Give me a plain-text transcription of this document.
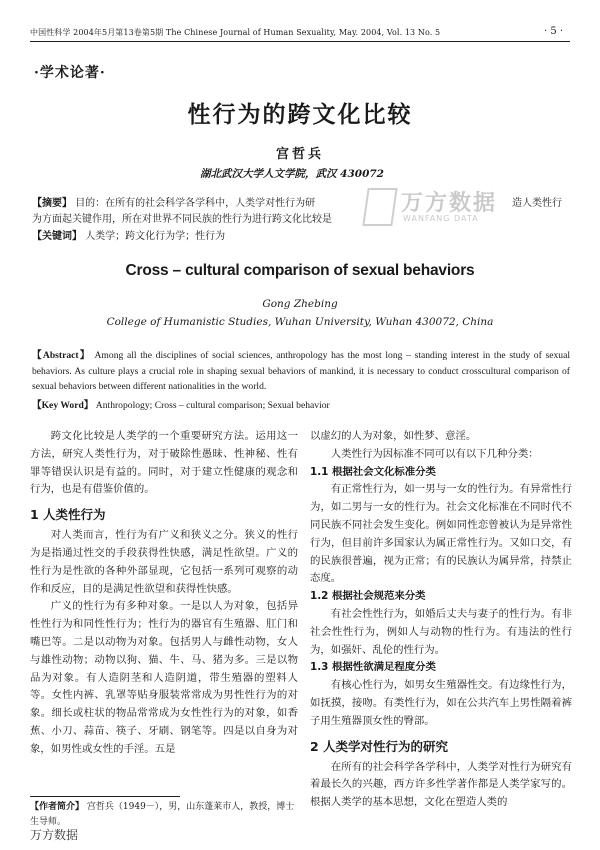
中国性科学 2004年5月第13卷第5期 The Chinese Journal of Human Sexuality, May. 2004, Vol. 13 No. 5	· 5 ·
·学术论著·
性行为的跨文化比较
宫哲兵
湖北武汉大学人文学院，武汉 430072
【摘要】 目的：在所有的社会科学各学科中，人类学对性行为研	造人类性行
为方面起关键作用，所在对世界不同民族的性行为进行跨文化比较是
【关键词】 人类学；跨文化行为学；性行为
万方数据
WANFANG DATA
Cross – cultural comparison of sexual behaviors
Gong Zhebing
College of Humanistic Studies, Wuhan University, Wuhan 430072, China
【Abstract】 Among all the disciplines of social sciences, anthropology has the most long – standing interest in the study of sexual behaviors. As culture plays a crucial role in shaping sexual behaviors of mankind, it is necessary to conduct crosscultural comparison of sexual behaviors between different nationalities in the world.
【Key Word】 Anthropology; Cross – cultural comparison; Sexual behavior

跨文化比较是人类学的一个重要研究方法。运用这一方法，研究人类性行为，对于破除性愚昧、性神秘、性有罪等错误认识是有益的。同时，对于建立性健康的观念和行为，也是有借鉴价值的。

1 人类性行为

对人类而言，性行为有广义和狭义之分。狭义的性行为是指通过性交的手段获得性快感，满足性欲望。广义的性行为是性欲的各种外部显现，它包括一系列可观察的动作和反应，目的是满足性欲望和获得性快感。

广义的性行为有多种对象。一是以人为对象，包括异性性行为和同性性行为；性行为的器官有生殖器、肛门和嘴巴等。二是以动物为对象。包括男人与雌性动物，女人与雄性动物；动物以狗、猫、牛、马、猪为多。三是以物品为对象。有人造阴茎和人造阴道，带生殖器的塑料人等。女性内裤、乳罩等贴身服装常常成为男性性行为的对象。细长或柱状的物品常常成为女性性行为的对象，如香蕉、小刀、蒜苗、筷子、牙刷、钢笔等。四是以自身为对象，如男性或女性的手淫。五是

以虚幻的人为对象，如性梦、意淫。

人类性行为因标准不同可以有以下几种分类：

1.1 根据社会文化标准分类

有正常性行为，如一男与一女的性行为。有异常性行为，如二男与一女的性行为。社会文化标准在不同时代不同民族不同社会发生变化。例如同性恋曾被认为是异常性行为，但目前许多国家认为属正常性行为。又如口交，有的民族很普遍，视为正常；有的民族认为属异常，持禁止态度。

1.2 根据社会规范来分类

有社会性性行为，如婚后丈夫与妻子的性行为。有非社会性性行为，例如人与动物的性行为。有违法的性行为，如强奸、乱伦的性行为。

1.3 根据性欲满足程度分类

有核心性行为，如男女生殖器性交。有边缘性行为，如抚摸，接吻。有类性行为，如在公共汽车上男性隔着裤子用生殖器顶女性的臀部。

2 人类学对性行为的研究

在所有的社会科学各学科中，人类学对性行为研究有着最长久的兴趣，西方许多性学著作都是人类学家写的。根据人类学的基本思想，文化在塑造人类的

【作者简介】 宫哲兵（1949－），男，山东蓬莱市人，教授，博士生导师。
万方数据
